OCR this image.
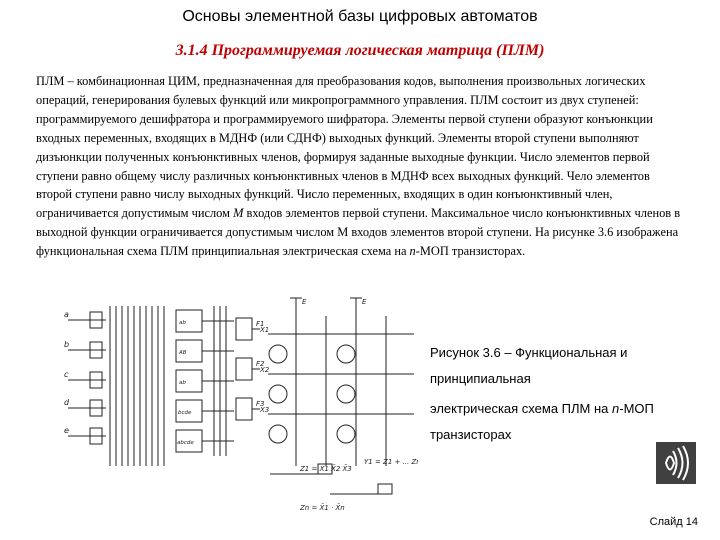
Основы элементной базы цифровых автоматов
3.1.4 Программируемая логическая матрица (ПЛМ)
ПЛМ – комбинационная ЦИМ, предназначенная для преобразования кодов, выполнения произвольных логических операций, генерирования булевых функций или микропрограммного управления. ПЛМ состоит из двух ступеней: программируемого дешифратора и программируемого шифратора. Элементы первой ступени образуют конъюнкции входных переменных, входящих в МДНФ (или СДНФ) выходных функций. Элементы второй ступени выполняют дизъюнкции полученных конъюнктивных членов, формируя заданные выходные функции. Число элементов первой ступени равно общему числу различных конъюнктивных членов в МДНФ всех выходных функций. Чело элементов второй ступени равно числу выходных функций. Число переменных, входящих в один конъюнктивный член, ограничивается допустимым числом M входов элементов первой ступени. Максимальное число конъюнктивных членов в выходной функции ограничивается допустимым числом М входов элементов второй ступени. На рисунке 3.6 изображена функциональная схема ПЛМ принципиальная электрическая схема на n-МОП транзисторах.
a
b
c
d
e
ab
AB
ab
bcde
abcde
F1
F2
F3
E	E
X1
X2
X3
Z1 = X̄1 X̄2 X̄3
Zn = X̄1 · X̄n
Y1 = Z1 + ... Zn
Рисунок 3.6 – Функциональная и
принципиальная
электрическая схема ПЛМ на n-МОП
транзисторах
Слайд 14
